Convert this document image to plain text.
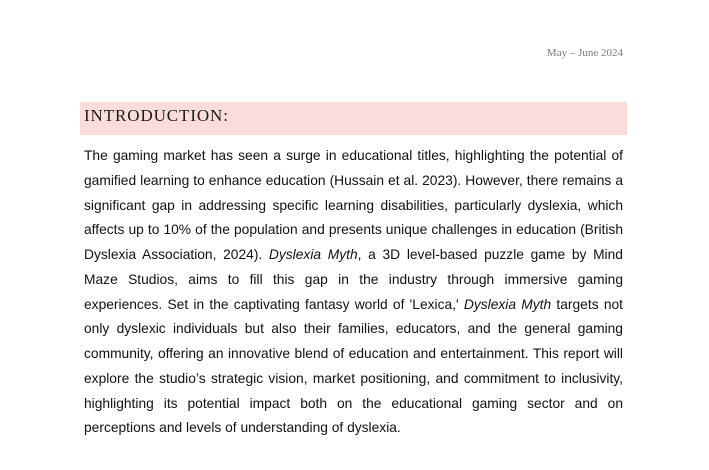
May – June 2024
INTRODUCTION:

The gaming market has seen a surge in educational titles, highlighting the potential of gamified learning to enhance education (Hussain et al. 2023). However, there remains a significant gap in addressing specific learning disabilities, particularly dyslexia, which affects up to 10% of the population and presents unique challenges in education (British Dyslexia Association, 2024). Dyslexia Myth, a 3D level-based puzzle game by Mind Maze Studios, aims to fill this gap in the industry through immersive gaming experiences. Set in the captivating fantasy world of 'Lexica,' Dyslexia Myth targets not only dyslexic individuals but also their families, educators, and the general gaming community, offering an innovative blend of education and entertainment. This report will explore the studio’s strategic vision, market positioning, and commitment to inclusivity, highlighting its potential impact both on the educational gaming sector and on perceptions and levels of understanding of dyslexia.
